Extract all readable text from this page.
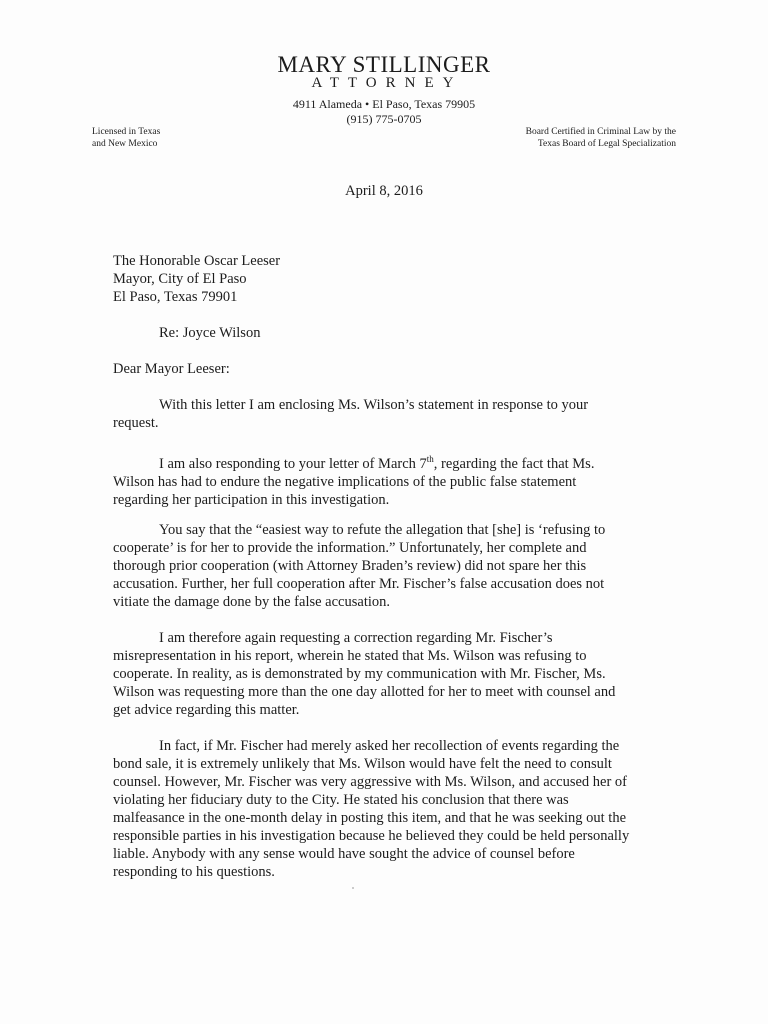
MARY STILLINGER
ATTORNEY
4911 Alameda • El Paso, Texas 79905
(915) 775-0705
Licensed in Texas
and New Mexico
Board Certified in Criminal Law by the
Texas Board of Legal Specialization
April 8, 2016
The Honorable Oscar Leeser
Mayor, City of El Paso
El Paso, Texas 79901
Re: Joyce Wilson
Dear Mayor Leeser:

With this letter I am enclosing Ms. Wilson’s statement in response to your
request.

I am also responding to your letter of March 7th, regarding the fact that Ms.
Wilson has had to endure the negative implications of the public false statement
regarding her participation in this investigation.

You say that the “easiest way to refute the allegation that [she] is ‘refusing to
cooperate’ is for her to provide the information.” Unfortunately, her complete and
thorough prior cooperation (with Attorney Braden’s review) did not spare her this
accusation. Further, her full cooperation after Mr. Fischer’s false accusation does not
vitiate the damage done by the false accusation.

I am therefore again requesting a correction regarding Mr. Fischer’s
misrepresentation in his report, wherein he stated that Ms. Wilson was refusing to
cooperate. In reality, as is demonstrated by my communication with Mr. Fischer, Ms.
Wilson was requesting more than the one day allotted for her to meet with counsel and
get advice regarding this matter.

In fact, if Mr. Fischer had merely asked her recollection of events regarding the
bond sale, it is extremely unlikely that Ms. Wilson would have felt the need to consult
counsel. However, Mr. Fischer was very aggressive with Ms. Wilson, and accused her of
violating her fiduciary duty to the City. He stated his conclusion that there was
malfeasance in the one-month delay in posting this item, and that he was seeking out the
responsible parties in his investigation because he believed they could be held personally
liable. Anybody with any sense would have sought the advice of counsel before
responding to his questions.
